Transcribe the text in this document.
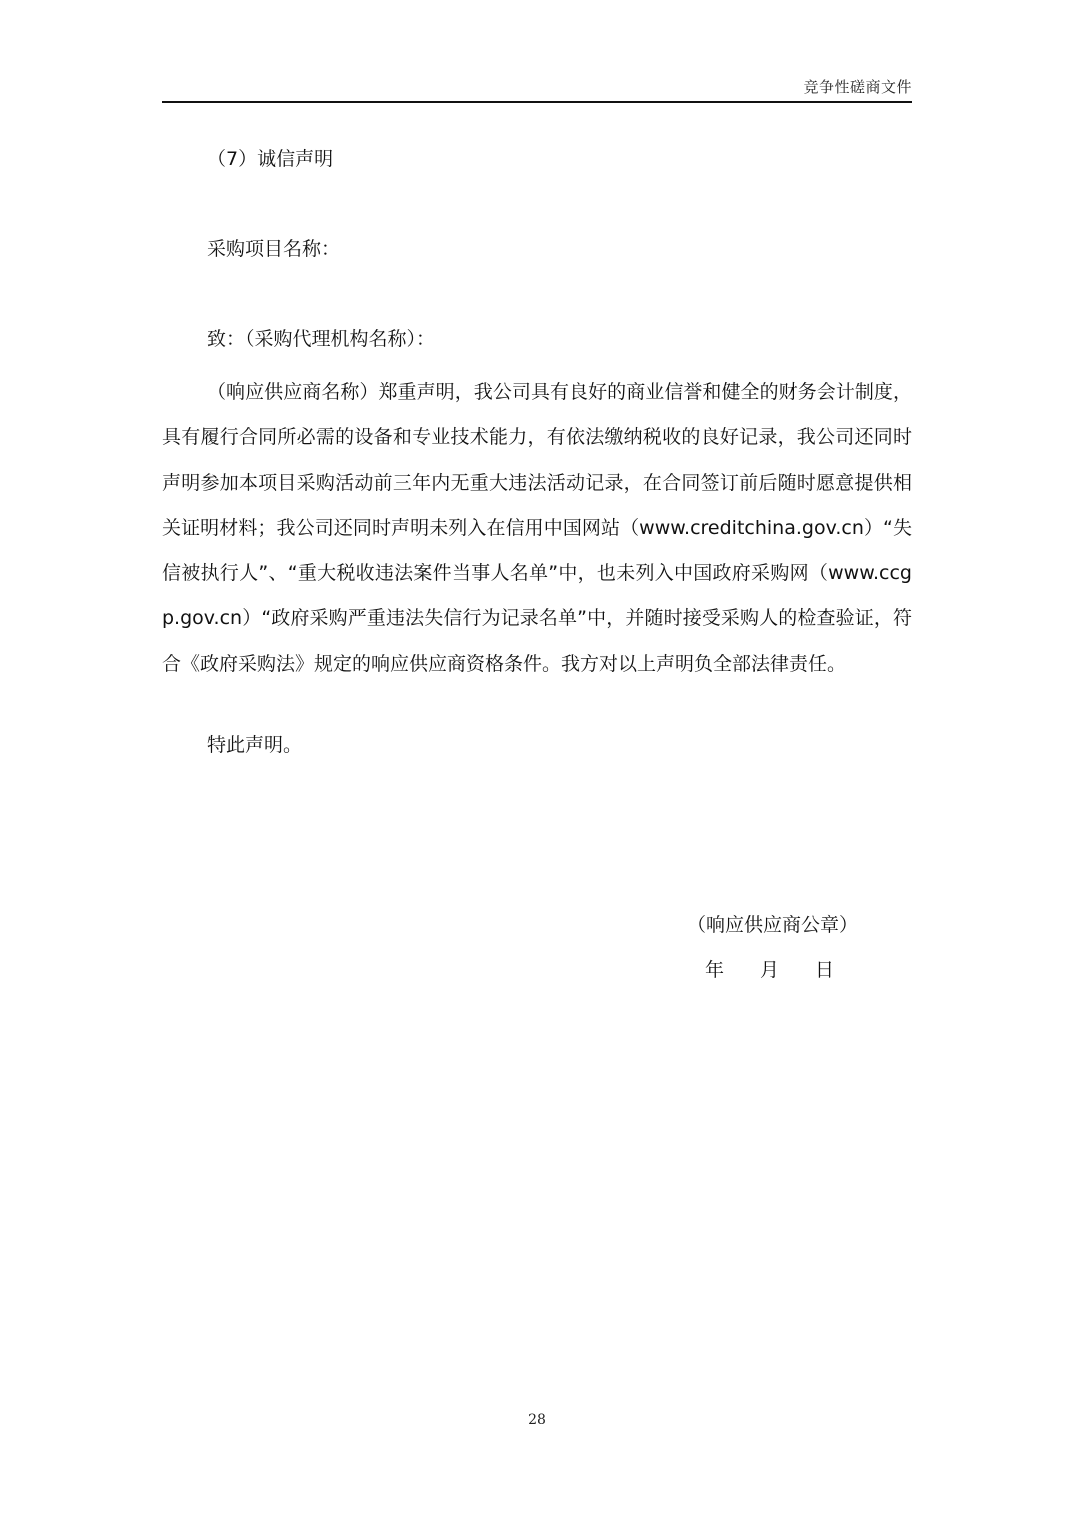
竞争性磋商文件
（7）诚信声明
采购项目名称：
致：（采购代理机构名称）：

（响应供应商名称）郑重声明，我公司具有良好的商业信誉和健全的财务会计制度，具有履行合同所必需的设备和专业技术能力，有依法缴纳税收的良好记录，我公司还同时声明参加本项目采购活动前三年内无重大违法活动记录，在合同签订前后随时愿意提供相关证明材料；我公司还同时声明未列入在信用中国网站（www.creditchina.gov.cn）“失信被执行人”、“重大税收违法案件当事人名单”中，也未列入中国政府采购网（www.ccgp.gov.cn）“政府采购严重违法失信行为记录名单”中，并随时接受采购人的检查验证，符合《政府采购法》规定的响应供应商资格条件。我方对以上声明负全部法律责任。

特此声明。
（响应供应商公章）
年 月 日
28
